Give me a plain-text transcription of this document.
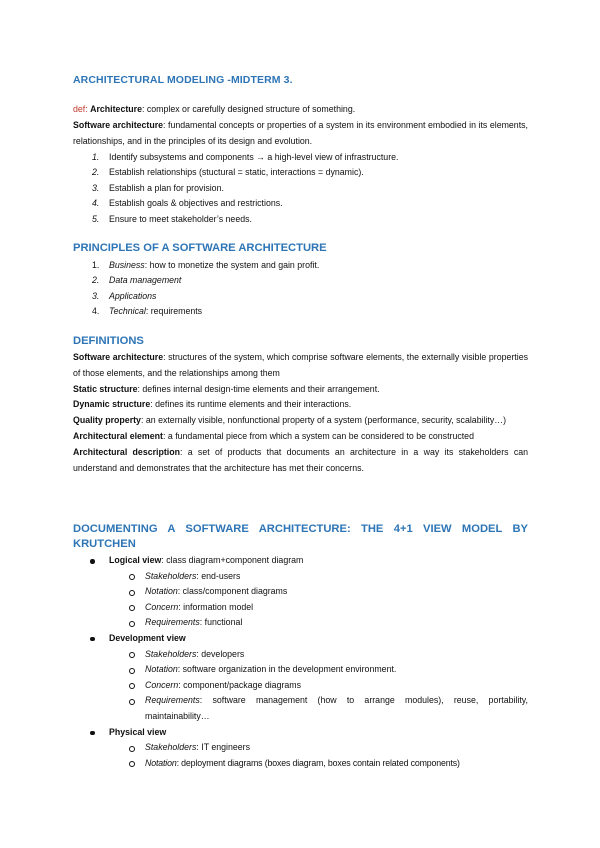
ARCHITECTURAL MODELING -MIDTERM 3.
def: Architecture: complex or carefully designed structure of something.
Software architecture: fundamental concepts or properties of a system in its environment embodied in its elements, relationships, and in the principles of its design and evolution.
1. Identify subsystems and components → a high-level view of infrastructure.
2. Establish relationships (stuctural = static, interactions = dynamic).
3. Establish a plan for provision.
4. Establish goals & objectives and restrictions.
5. Ensure to meet stakeholder’s needs.
PRINCIPLES OF A SOFTWARE ARCHITECTURE
1. Business: how to monetize the system and gain profit.
2. Data management
3. Applications
4. Technical: requirements
DEFINITIONS
Software architecture: structures of the system, which comprise software elements, the externally visible properties of those elements, and the relationships among them
Static structure: defines internal design-time elements and their arrangement.
Dynamic structure: defines its runtime elements and their interactions.
Quality property: an externally visible, nonfunctional property of a system (performance, security, scalability…)
Architectural element: a fundamental piece from which a system can be considered to be constructed
Architectural description: a set of products that documents an architecture in a way its stakeholders can understand and demonstrates that the architecture has met their concerns.
DOCUMENTING A SOFTWARE ARCHITECTURE: THE 4+1 VIEW MODEL BY KRUTCHEN
Logical view: class diagram+component diagram
Stakeholders: end-users
Notation: class/component diagrams
Concern: information model
Requirements: functional
Development view
Stakeholders: developers
Notation: software organization in the development environment.
Concern: component/package diagrams
Requirements: software management (how to arrange modules), reuse, portability, maintainability…
Physical view
Stakeholders: IT engineers
Notation: deployment diagrams (boxes diagram, boxes contain related components)
